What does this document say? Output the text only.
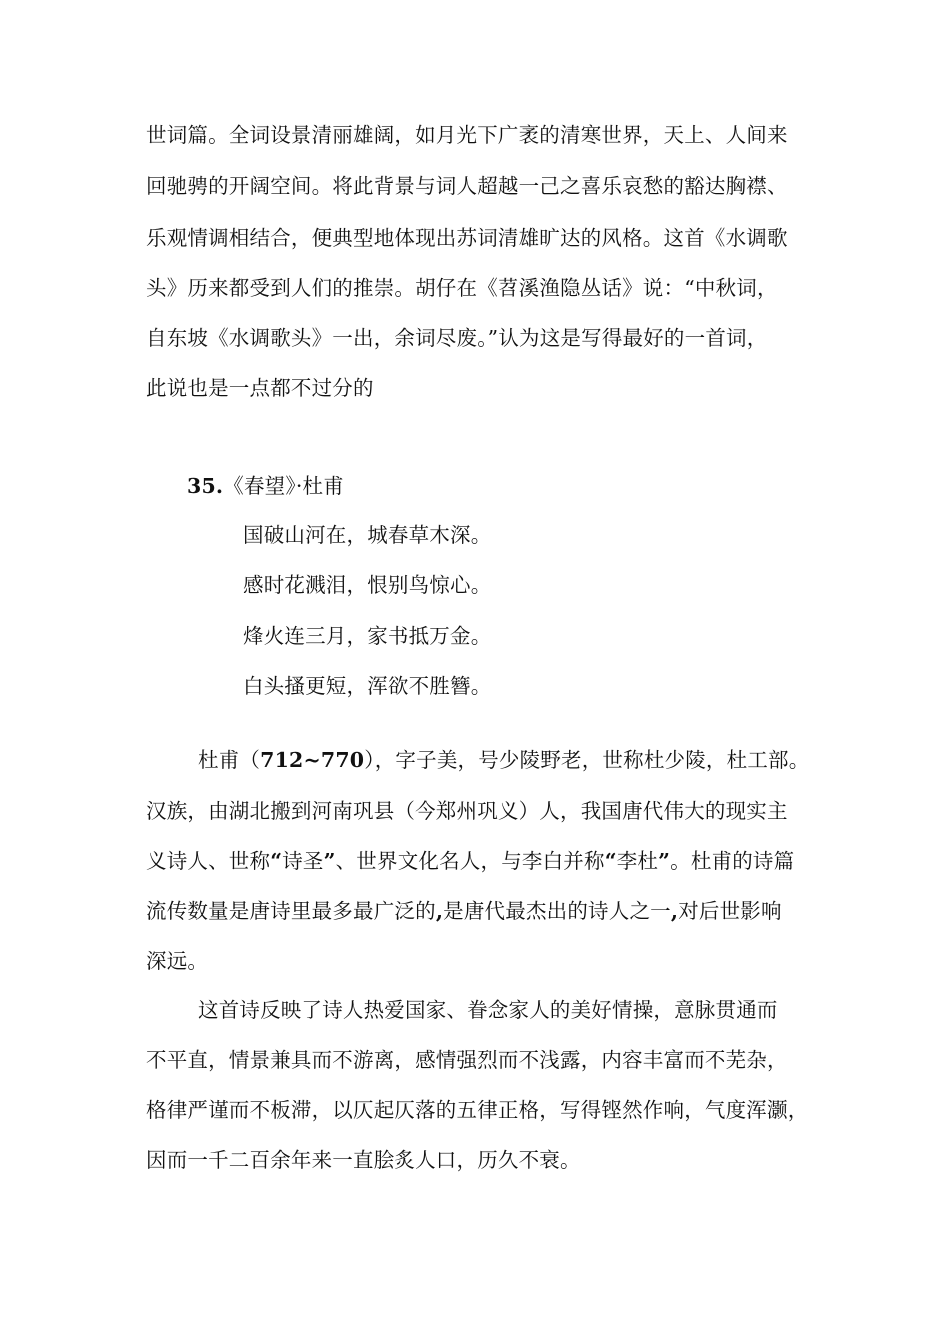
世词篇。全词设景清丽雄阔，如月光下广袤的清寒世界，天上、人间来
回驰骋的开阔空间。将此背景与词人超越一己之喜乐哀愁的豁达胸襟、
乐观情调相结合，便典型地体现出苏词清雄旷达的风格。这首《水调歌
头》历来都受到人们的推崇。胡仔在《苕溪渔隐丛话》说：“中秋词，
自东坡《水调歌头》一出，余词尽废。”认为这是写得最好的一首词，
此说也是一点都不过分的
35.《春望》·杜甫
国破山河在，城春草木深。
感时花溅泪，恨别鸟惊心。
烽火连三月，家书抵万金。
白头搔更短，浑欲不胜簪。
杜甫（712~770），字子美，号少陵野老，世称杜少陵，杜工部。
汉族，由湖北搬到河南巩县（今郑州巩义）人，我国唐代伟大的现实主
义诗人、世称“诗圣”、世界文化名人，与李白并称“李杜”。杜甫的诗篇
流传数量是唐诗里最多最广泛的,是唐代最杰出的诗人之一,对后世影响
深远。
这首诗反映了诗人热爱国家、眷念家人的美好情操，意脉贯通而
不平直，情景兼具而不游离，感情强烈而不浅露，内容丰富而不芜杂，
格律严谨而不板滞，以仄起仄落的五律正格，写得铿然作响，气度浑灏，
因而一千二百余年来一直脍炙人口，历久不衰。
